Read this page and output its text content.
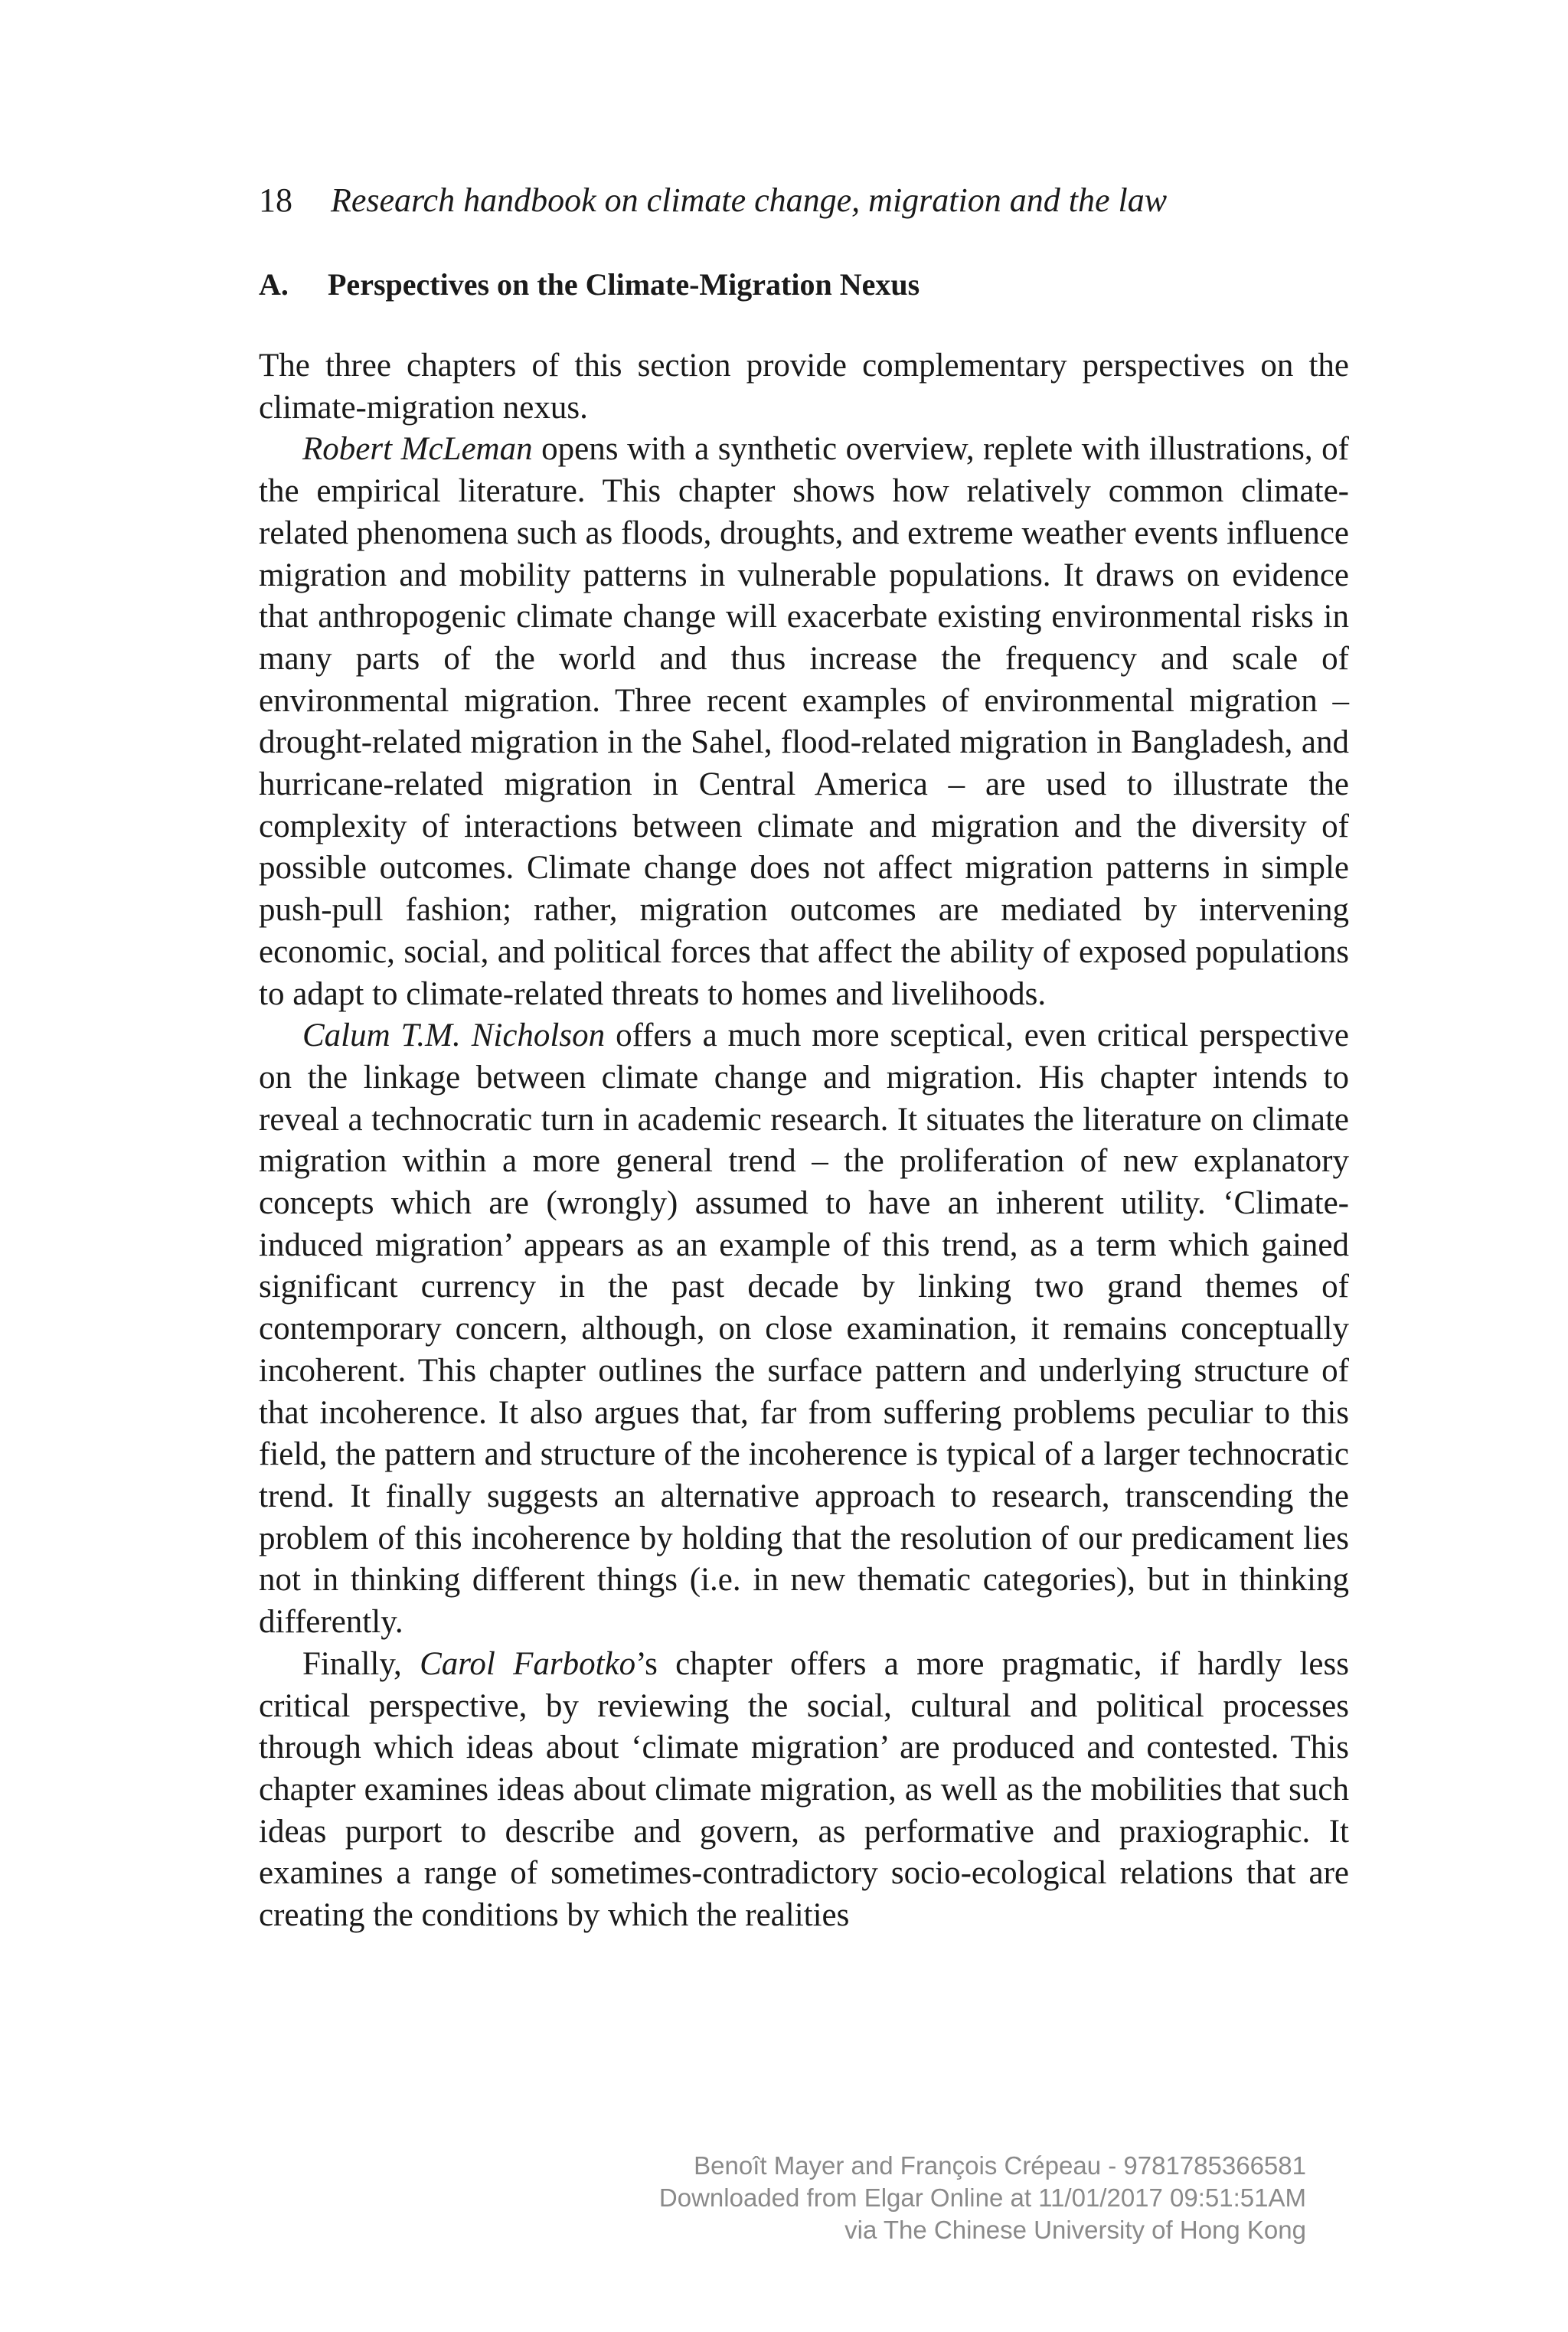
18 Research handbook on climate change, migration and the law
A. Perspectives on the Climate-Migration Nexus

The three chapters of this section provide complementary perspectives on the climate-migration nexus.

Robert McLeman opens with a synthetic overview, replete with illustrations, of the empirical literature. This chapter shows how relatively common climate-related phenomena such as floods, droughts, and extreme weather events influence migration and mobility patterns in vulnerable populations. It draws on evidence that anthropogenic climate change will exacerbate existing environmental risks in many parts of the world and thus increase the frequency and scale of environmental migration. Three recent examples of environmental migration – drought-related migration in the Sahel, flood-related migration in Bangladesh, and hurricane-related migration in Central America – are used to illustrate the complexity of interactions between climate and migration and the diversity of possible outcomes. Climate change does not affect migration patterns in simple push-pull fashion; rather, migration outcomes are mediated by intervening economic, social, and political forces that affect the ability of exposed populations to adapt to climate-related threats to homes and livelihoods.

Calum T.M. Nicholson offers a much more sceptical, even critical perspective on the linkage between climate change and migration. His chapter intends to reveal a technocratic turn in academic research. It situates the literature on climate migration within a more general trend – the proliferation of new explanatory concepts which are (wrongly) assumed to have an inherent utility. ‘Climate-induced migration’ appears as an example of this trend, as a term which gained significant currency in the past decade by linking two grand themes of contemporary concern, although, on close examination, it remains conceptually incoherent. This chapter outlines the surface pattern and underlying structure of that incoherence. It also argues that, far from suffering problems peculiar to this field, the pattern and structure of the incoherence is typical of a larger technocratic trend. It finally suggests an alternative approach to research, transcending the problem of this incoherence by holding that the resolution of our predicament lies not in thinking different things (i.e. in new thematic categories), but in thinking differently.

Finally, Carol Farbotko’s chapter offers a more pragmatic, if hardly less critical perspective, by reviewing the social, cultural and political processes through which ideas about ‘climate migration’ are produced and contested. This chapter examines ideas about climate migration, as well as the mobilities that such ideas purport to describe and govern, as performative and praxiographic. It examines a range of sometimes-contradictory socio-ecological relations that are creating the conditions by which the realities

Benoît Mayer and François Crépeau - 9781785366581
Downloaded from Elgar Online at 11/01/2017 09:51:51AM
via The Chinese University of Hong Kong
